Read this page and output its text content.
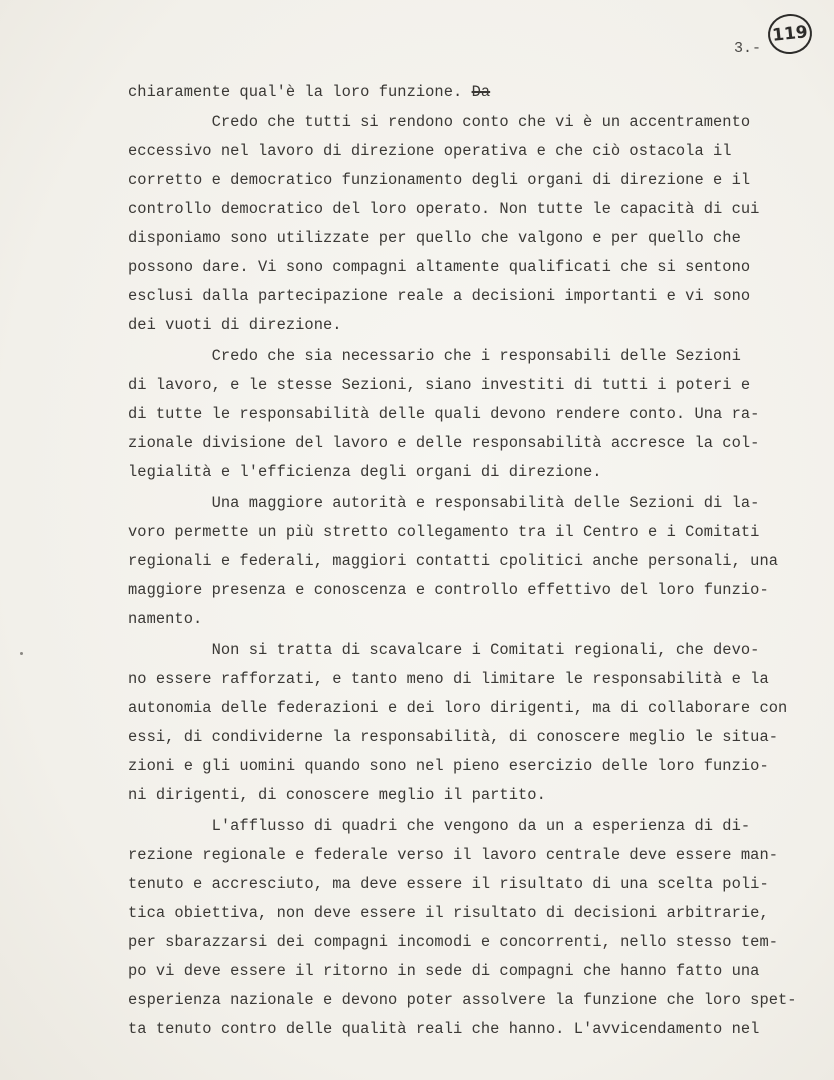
119
3.-
chiaramente qual'è la loro funzione. Da
Credo che tutti si rendono conto che vi è un accentramento
eccessivo nel lavoro di direzione operativa e che ciò ostacola il
corretto e democratico funzionamento degli organi di direzione e il
controllo democratico del loro operato. Non tutte le capacità di cui
disponiamo sono utilizzate per quello che valgono e per quello che
possono dare. Vi sono compagni altamente qualificati che si sentono
esclusi dalla partecipazione reale a decisioni importanti e vi sono
dei vuoti di direzione.
Credo che sia necessario che i responsabili delle Sezioni
di lavoro, e le stesse Sezioni, siano investiti di tutti i poteri e
di tutte le responsabilità delle quali devono rendere conto. Una ra-
zionale divisione del lavoro e delle responsabilità accresce la col-
legialità e l'efficienza degli organi di direzione.
Una maggiore autorità e responsabilità delle Sezioni di la-
voro permette un più stretto collegamento tra il Centro e i Comitati
regionali e federali, maggiori contatti cpolitici anche personali, una
maggiore presenza e conoscenza e controllo effettivo del loro funzio-
namento.
Non si tratta di scavalcare i Comitati regionali, che devo-
no essere rafforzati, e tanto meno di limitare le responsabilità e la
autonomia delle federazioni e dei loro dirigenti, ma di collaborare con
essi, di condividerne la responsabilità, di conoscere meglio le situa-
zioni e gli uomini quando sono nel pieno esercizio delle loro funzio-
ni dirigenti, di conoscere meglio il partito.
L'afflusso di quadri che vengono da un a esperienza di di-
rezione regionale e federale verso il lavoro centrale deve essere man-
tenuto e accresciuto, ma deve essere il risultato di una scelta poli-
tica obiettiva, non deve essere il risultato di decisioni arbitrarie,
per sbarazzarsi dei compagni incomodi e concorrenti, nello stesso tem-
po vi deve essere il ritorno in sede di compagni che hanno fatto una
esperienza nazionale e devono poter assolvere la funzione che loro spet-
ta tenuto contro delle qualità reali che hanno. L'avvicendamento nel
